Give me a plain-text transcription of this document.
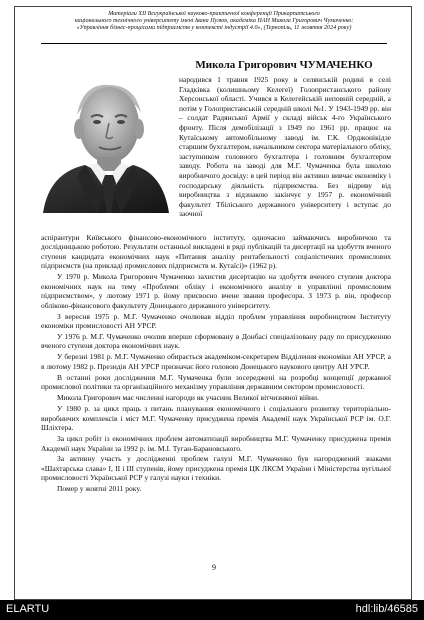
Матеріали XII Всеукраїнської науково-практичної конференції Прикарпатського
національного технічного університету імені Івана Пулюя, академіка НАН Микола Григорович Чумаченко:
«Управління бізнес-процесами підприємств у контексті індустрії 4.0», (Тернопіль, 11 жовтня 2024 року)
Микола Григорович ЧУМАЧЕНКО
народився 1 травня 1925 року в селянській родині в селі Гладківка (колишньому Келегеї) Голопристанського району Херсонської області. Учився в Келегейській неповній середній, а потім у Голопристанській середній школі №1. У 1943-1949 рр. він – солдат Радянської Армії у складі військ 4-го Українського фронту. Після демобілізації з 1949 по 1961 рр. працює на Кутаїському автомобільному заводі ім. Г.К. Орджонікідзе старшим бухгалтером, начальником сектора матеріального обліку, заступником головного бухгалтера і головним бухгалтером заводу. Робота на заводі для М.Г. Чумаченка була школою виробничого досвіду: в цей період він активно вивчає економіку і господарську діяльність підприємства. Без відриву від виробництва з відзнакою закінчує у 1957 р. економічний факультет Тбіліського державного університету і вступає до заочної

аспірантури Київського фінансово-економічного інституту, одночасно займаючись виробничою та дослідницькою роботою. Результати останньої викладені в ряді публікацій та дисертації на здобуття вченого ступеня кандидата економічних наук «Питання аналізу рентабельності соціалістичних промислових підприємств (на прикладі промислових підприємств м. Кутаїсі)» (1962 р).

У 1970 р. Микола Григорович Чумаченко захистив дисертацію на здобуття вченого ступеня доктора економічних наук на тему «Проблеми обліку і економічного аналізу в управлінні промисловим підприємством», у лютому 1971 р. йому присвоєно вчене звання професора. З 1973 р. він, професор обліково-фінансового факультету Донецького державного університету.

З вересня 1975 р. М.Г. Чумаченко очолював відділ проблем управління виробництвом Інституту економіки промисловості АН УРСР.

У 1976 р. М.Г. Чумаченко очолив вперше сформовану в Донбасі спеціалізовану раду по присудженню вченого ступеня доктора економічних наук.

У березні 1981 р. М.Г. Чумаченко обирається академіком-секретарем Відділення економіки АН УРСР, а в лютому 1982 р. Президія АН УРСР призначає його головою Донецького наукового центру АН УРСР.

В останні роки дослідження М.Г. Чумаченка були зосереджені на розробці концепції державної промислової політики та організаційного механізму управління державним сектором промисловості.

Микола Григорович має численні нагороди як учасник Великої вітчизняної війни.

У 1980 р. за цикл праць з питань планування економічного і соціального розвитку територіально-виробничих комплексів і міст М.Г. Чумаченку присуджена премія Академії наук Української РСР ім. О.Г. Шліхтера.

За цикл робіт із економічних проблем автоматизації виробництва М.Г. Чумаченку присуджена премія Академії наук України за 1992 р. ім. М.І. Туган-Барановського.

За активну участь у дослідженні проблем галузі М.Г. Чумаченко був нагороджений знаками «Шахтарська слава» І, ІІ і ІІІ ступенів, йому присуджена премія ЦК ЛКСМ України і Міністерства вугільної промисловості Української РСР у галузі науки і техніки.

Помер у жовтні 2011 року.

9
ELARTU	hdl:lib/46585
